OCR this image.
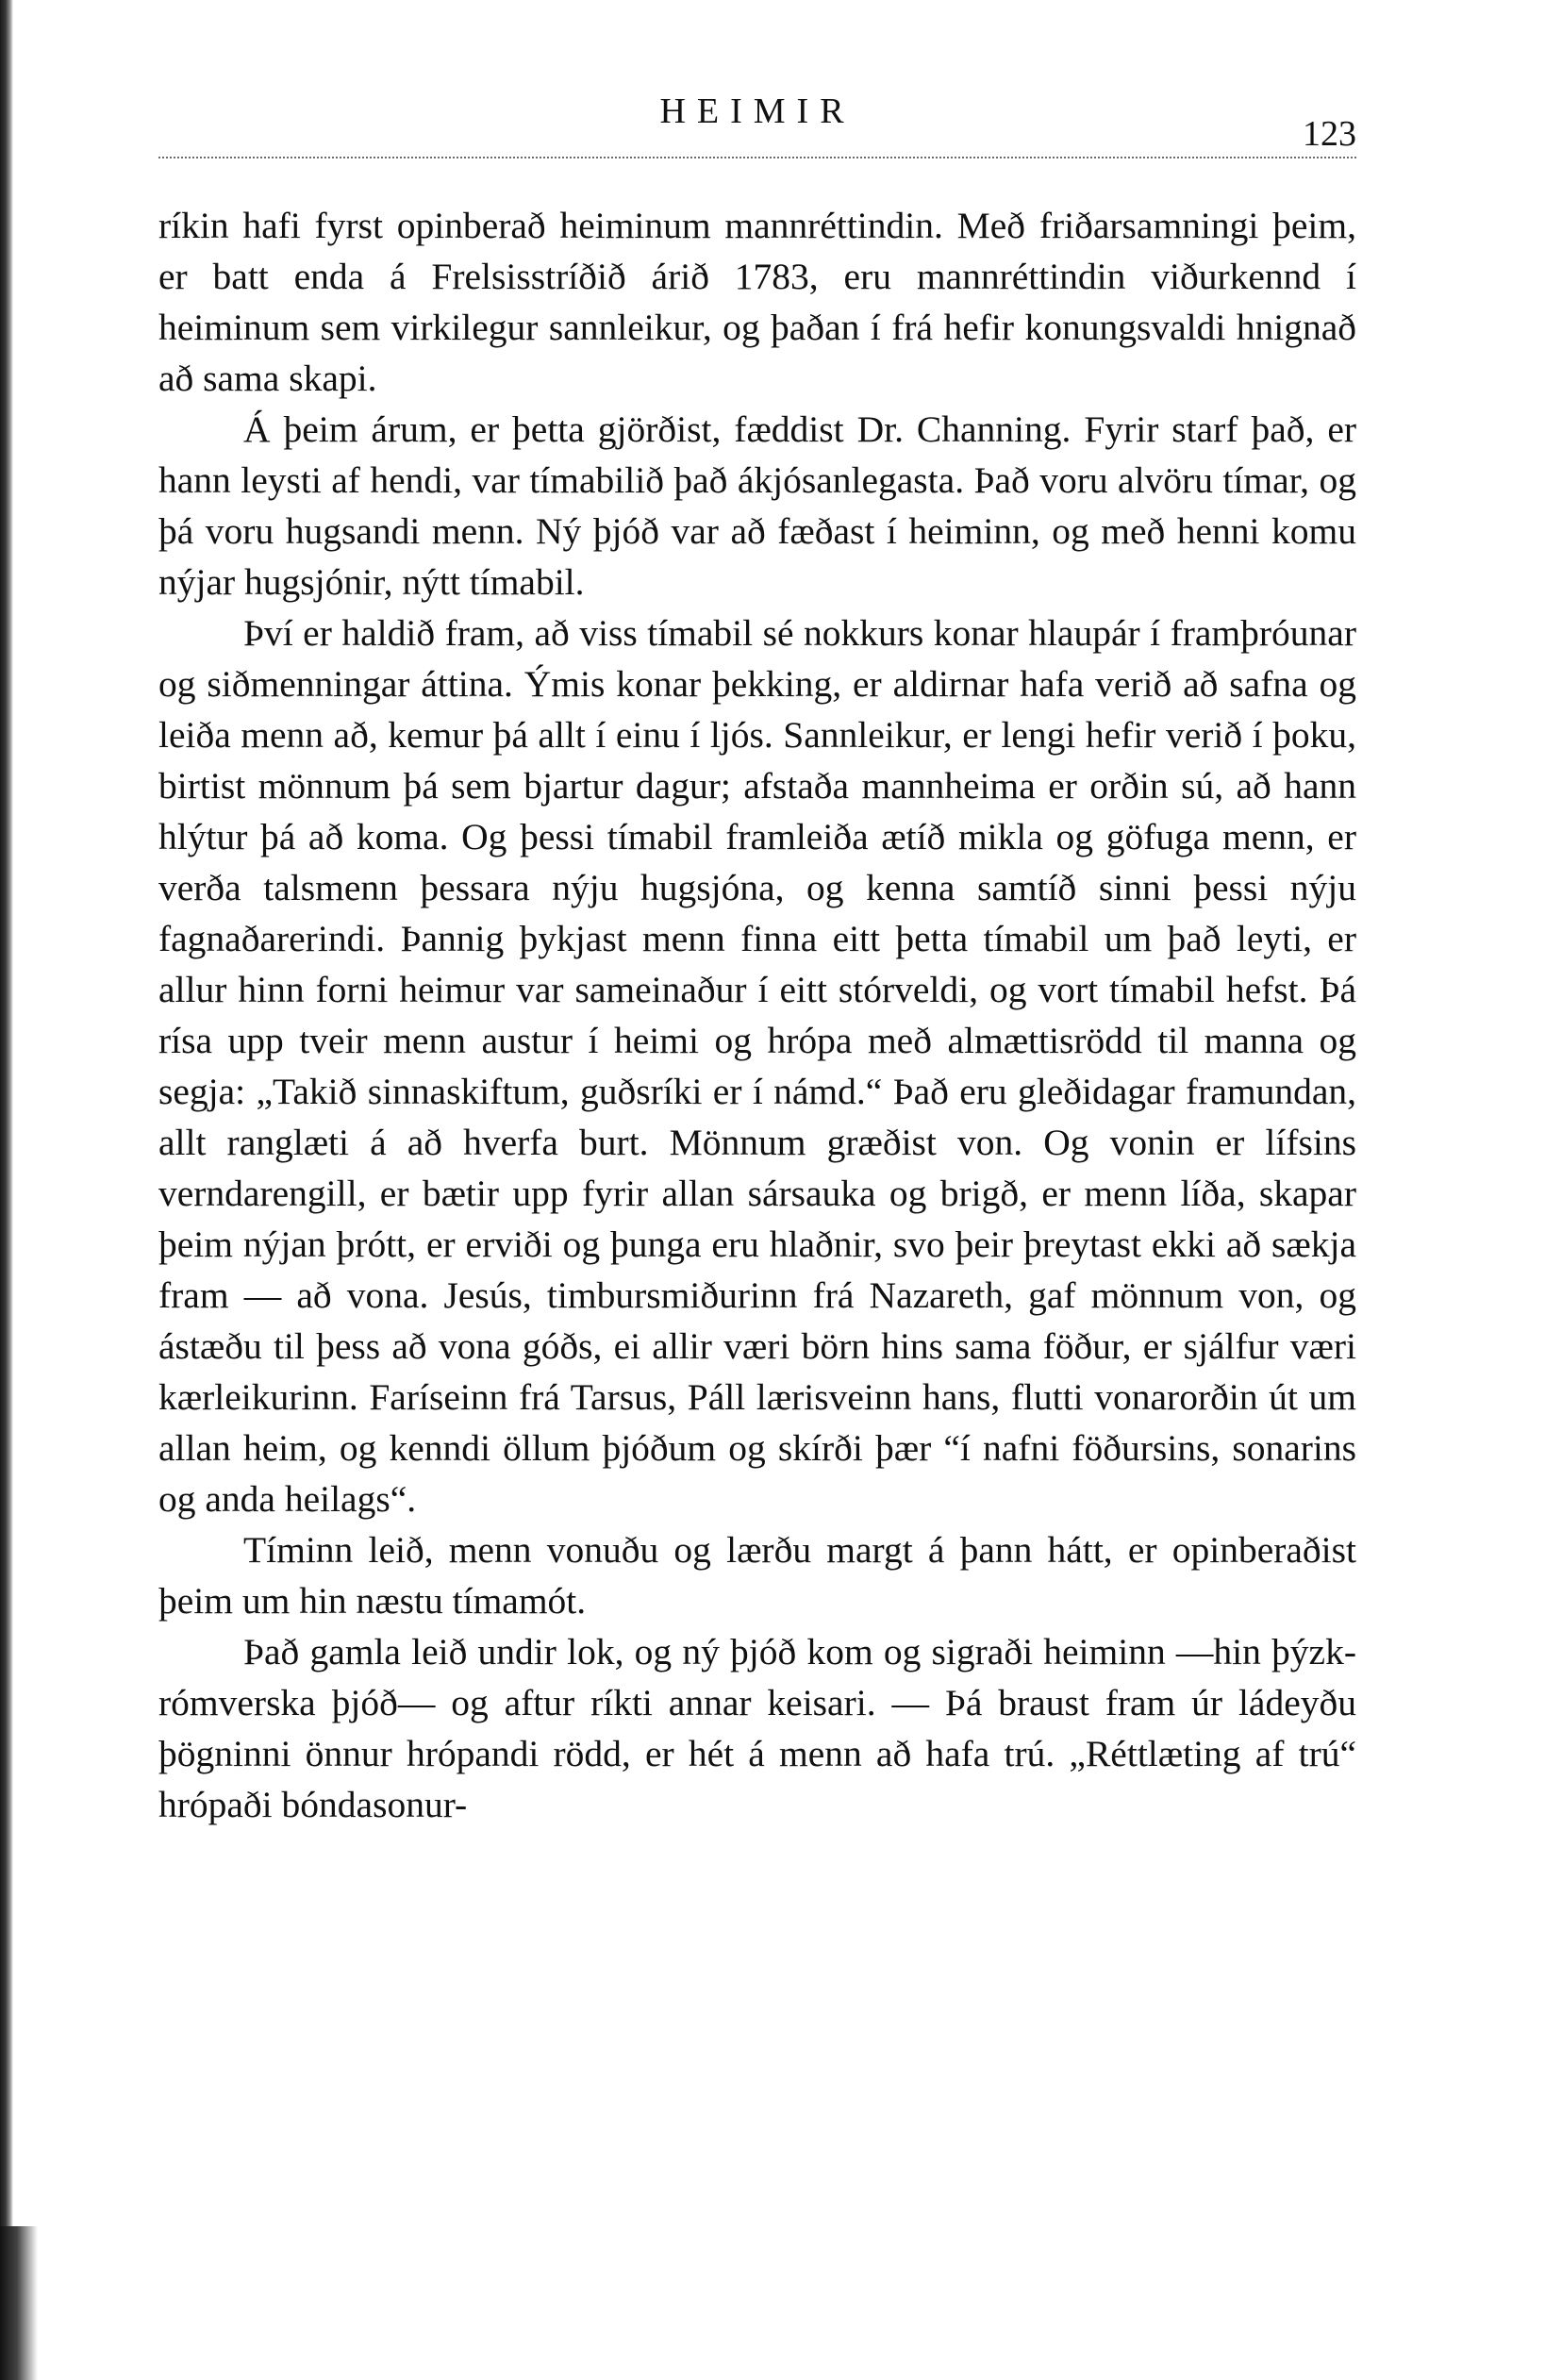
HEIMIR
123

ríkin hafi fyrst opinberað heiminum mannréttindin. Með friðarsamningi þeim, er batt enda á Frelsisstríðið árið 1783, eru mannréttindin viðurkennd í heiminum sem virkilegur sannleikur, og þaðan í frá hefir konungsvaldi hnignað að sama skapi.

Á þeim árum, er þetta gjörðist, fæddist Dr. Channing. Fyrir starf það, er hann leysti af hendi, var tímabilið það ákjósanlegasta. Það voru alvöru tímar, og þá voru hugsandi menn. Ný þjóð var að fæðast í heiminn, og með henni komu nýjar hugsjónir, nýtt tímabil.

Því er haldið fram, að viss tímabil sé nokkurs konar hlaupár í framþróunar og siðmenningar áttina. Ýmis konar þekking, er aldirnar hafa verið að safna og leiða menn að, kemur þá allt í einu í ljós. Sannleikur, er lengi hefir verið í þoku, birtist mönnum þá sem bjartur dagur; afstaða mannheima er orðin sú, að hann hlýtur þá að koma. Og þessi tímabil framleiða ætíð mikla og göfuga menn, er verða talsmenn þessara nýju hugsjóna, og kenna samtíð sinni þessi nýju fagnaðarerindi. Þannig þykjast menn finna eitt þetta tímabil um það leyti, er allur hinn forni heimur var sameinaður í eitt stórveldi, og vort tímabil hefst. Þá rísa upp tveir menn austur í heimi og hrópa með almættisrödd til manna og segja: „Takið sinnaskiftum, guðsríki er í námd.“ Það eru gleðidagar framundan, allt ranglæti á að hverfa burt. Mönnum græðist von. Og vonin er lífsins verndarengill, er bætir upp fyrir allan sársauka og brigð, er menn líða, skapar þeim nýjan þrótt, er erviði og þunga eru hlaðnir, svo þeir þreytast ekki að sækja fram — að vona. Jesús, timbursmiðurinn frá Nazareth, gaf mönnum von, og ástæðu til þess að vona góðs, ei allir væri börn hins sama föður, er sjálfur væri kærleikurinn. Faríseinn frá Tarsus, Páll lærisveinn hans, flutti vonarorðin út um allan heim, og kenndi öllum þjóðum og skírði þær “í nafni föðursins, sonarins og anda heilags“.

Tíminn leið, menn vonuðu og lærðu margt á þann hátt, er opinberaðist þeim um hin næstu tímamót.

Það gamla leið undir lok, og ný þjóð kom og sigraði heiminn —hin þýzk-rómverska þjóð— og aftur ríkti annar keisari. — Þá braust fram úr ládeyðu þögninni önnur hrópandi rödd, er hét á menn að hafa trú. „Réttlæting af trú“ hrópaði bóndasonur-
